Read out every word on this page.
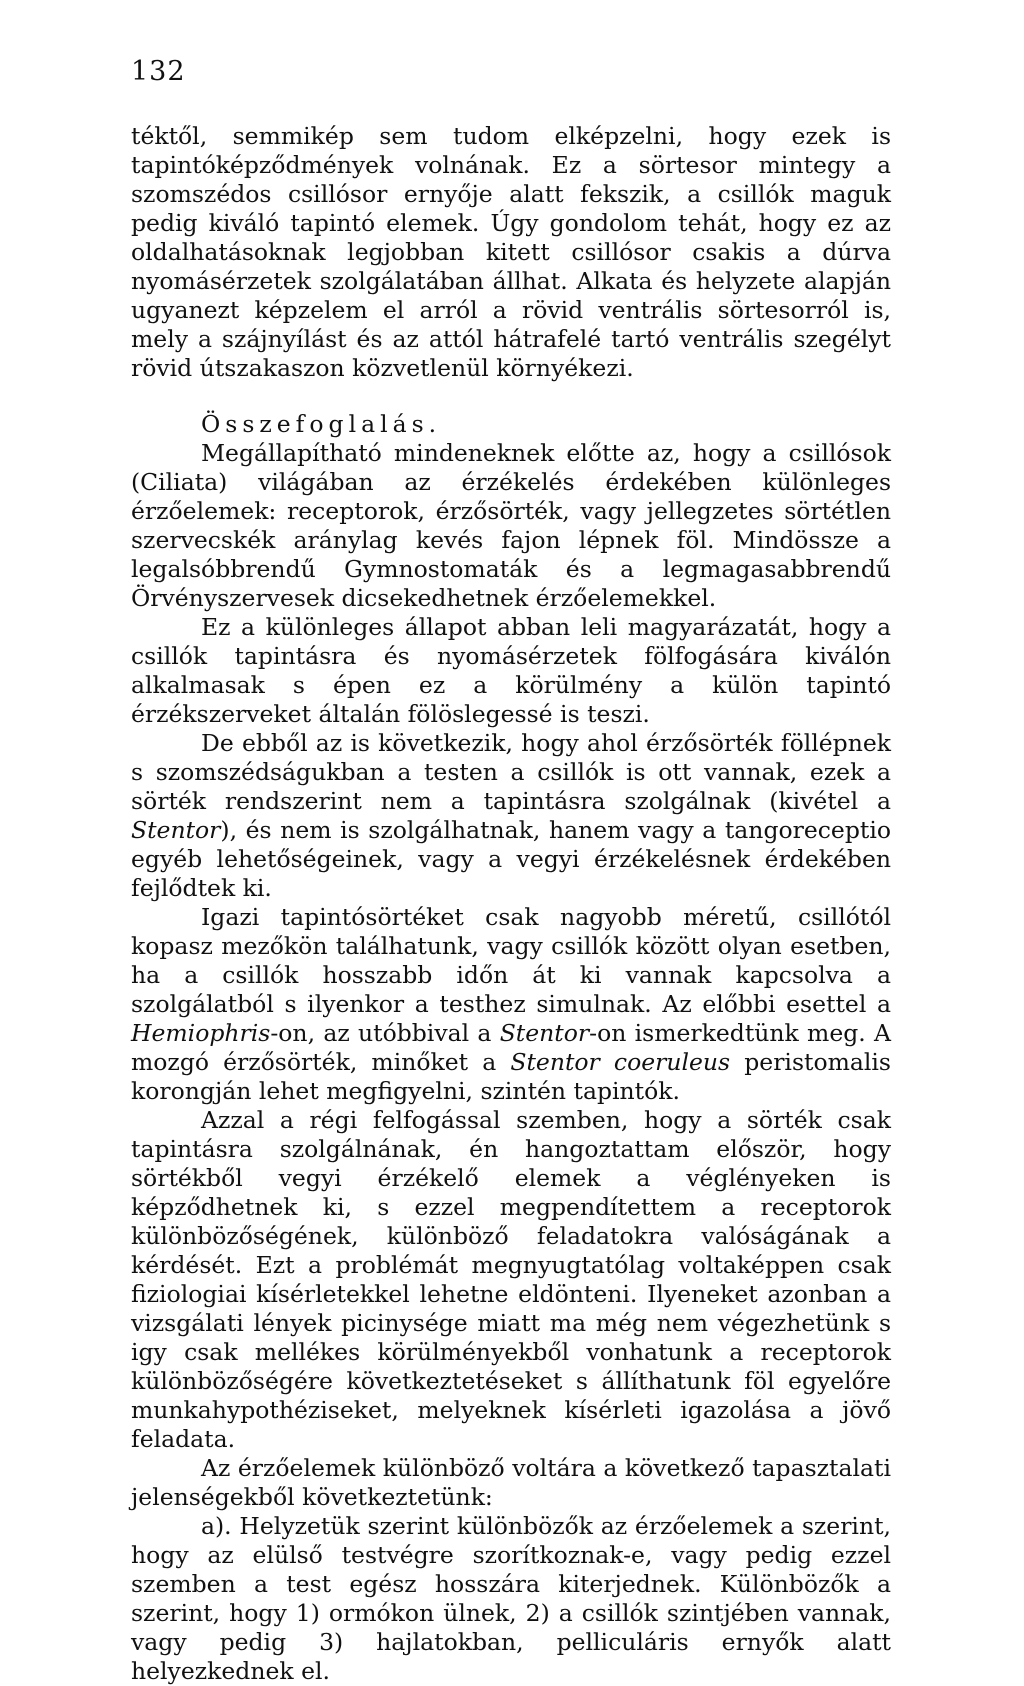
132

téktől, semmikép sem tudom elképzelni, hogy ezek is tapintóképződmények volnának. Ez a sörtesor mintegy a szomszédos csillósor ernyője alatt fekszik, a csillók maguk pedig kiváló tapintó elemek. Úgy gondolom tehát, hogy ez az oldalhatásoknak legjobban kitett csillósor csakis a dúrva nyomásérzetek szolgálatában állhat. Alkata és helyzete alapján ugyanezt képzelem el arról a rövid ventrális sörtesorról is, mely a szájnyílást és az attól hátrafelé tartó ventrális szegélyt rövid útszakaszon közvetlenül környékezi.

Összefoglalás.

Megállapítható mindeneknek előtte az, hogy a csillósok (Ciliata) világában az érzékelés érdekében különleges érzőelemek: receptorok, érzősörték, vagy jellegzetes sörtétlen szervecskék aránylag kevés fajon lépnek föl. Mindössze a legalsóbbrendű Gymnostomaták és a legmagasabbrendű Örvényszervesek dicsekedhetnek érzőelemekkel.

Ez a különleges állapot abban leli magyarázatát, hogy a csillók tapintásra és nyomásérzetek fölfogására kiválón alkalmasak s épen ez a körülmény a külön tapintó érzékszerveket általán fölöslegessé is teszi.

De ebből az is következik, hogy ahol érzősörték föllépnek s szomszédságukban a testen a csillók is ott vannak, ezek a sörték rendszerint nem a tapintásra szolgálnak (kivétel a Stentor), és nem is szolgálhatnak, hanem vagy a tangoreceptio egyéb lehetőségeinek, vagy a vegyi érzékelésnek érdekében fejlődtek ki.

Igazi tapintósörtéket csak nagyobb méretű, csillótól kopasz mezőkön találhatunk, vagy csillók között olyan esetben, ha a csillók hosszabb időn át ki vannak kapcsolva a szolgálatból s ilyenkor a testhez simulnak. Az előbbi esettel a Hemiophris-on, az utóbbival a Stentor-on ismerkedtünk meg. A mozgó érzősörték, minőket a Stentor coeruleus peristomalis korongján lehet megfigyelni, szintén tapintók.

Azzal a régi felfogással szemben, hogy a sörték csak tapintásra szolgálnának, én hangoztattam először, hogy sörtékből vegyi érzékelő elemek a véglényeken is képződhetnek ki, s ezzel megpendítettem a receptorok különbözőségének, különböző feladatokra valóságának a kérdését. Ezt a problémát megnyugtatólag voltaképpen csak fiziologiai kísérletekkel lehetne eldönteni. Ilyeneket azonban a vizsgálati lények picinysége miatt ma még nem végezhetünk s igy csak mellékes körülményekből vonhatunk a receptorok különbözőségére következtetéseket s állíthatunk föl egyelőre munkahypothéziseket, melyeknek kísérleti igazolása a jövő feladata.

Az érzőelemek különböző voltára a következő tapasztalati jelenségekből következtetünk:

a). Helyzetük szerint különbözők az érzőelemek a szerint, hogy az elülső testvégre szorítkoznak-e, vagy pedig ezzel szemben a test egész hosszára kiterjednek. Különbözők a szerint, hogy 1) ormókon ülnek, 2) a csillók szintjében vannak, vagy pedig 3) hajlatokban, pelliculáris ernyők alatt helyezkednek el.
